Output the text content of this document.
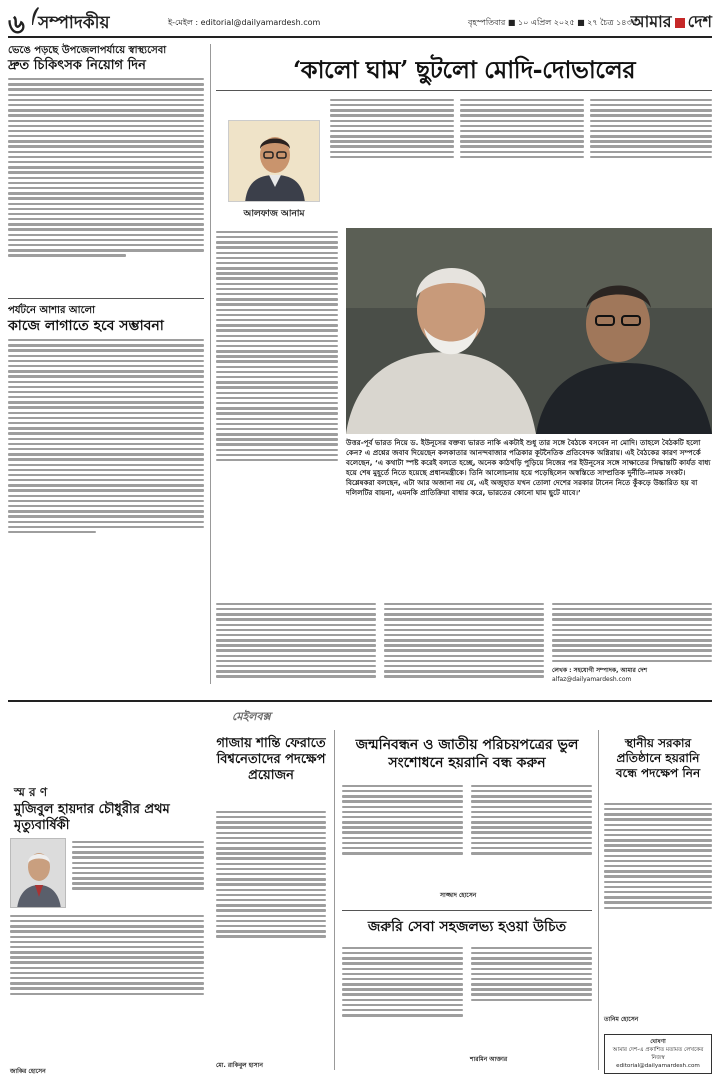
৬ সম্পাদকীয়	ই-মেইল : editorial@dailyamardesh.com	বৃহস্পতিবার ■ ১০ এপ্রিল ২০২৫ ■ ২৭ চৈত্র ১৪৩১
আমার দেশ
ভেঙে পড়ছে উপজেলাপর্যায়ে স্বাস্থ্যসেবা
দ্রুত চিকিৎসক নিয়োগ দিন
পর্যটনে আশার আলো
কাজে লাগাতে হবে সম্ভাবনা
‘কালো ঘাম’ ছুটলো মোদি-দোভালের
আলফাজ আনাম
উত্তর-পূর্ব ভারত নিয়ে ড. ইউনূসের বক্তব্য ভারত নাকি একটাই শুধু তার সঙ্গে বৈঠকে বসবেন না মোদি। তাহলে বৈঠকটি হলো কেন? এ প্রশ্নের জবাব দিয়েছেন কলকাতার আনন্দবাজার পত্রিকার কূটনৈতিক প্রতিবেদক অগ্নিরায়। এই বৈঠকের কারণ সম্পর্কে বলেছেন, ‘এ কথাটা স্পষ্ট করেই বলতে হচ্ছে, অনেক কাঠখড়ি পুড়িয়ে নিজের পর ইউনূসের সঙ্গে সাক্ষাতের সিদ্ধান্তটি কার্যত বাধ্য হয়ে শেষ মুহূর্তে নিতে হয়েছে প্রধানমন্ত্রীকে। তিনি আলোচনায় হয়ে পড়েছিলেন অস্বস্তিতে সাম্প্রতিক দুর্নীতি-নামক সংকট। বিশ্লেষকরা বলছেন, এটা আর অজানা নয় যে, এই অজুহাত যখন তোলা দেশের সরকার টানেন নিতে কুঁকড়ে উচ্চারিত হয় বা দলিলটির বায়না, এমনকি প্রাতিক্রিয়া বাধার করে, ভারতের কোনো ঘাম ছুটে যাবে।’
লেখক : সহযোগী সম্পাদক, আমার দেশ
alfaz@dailyamardesh.com
মেইলবক্স
স্ম র ণ
মুজিবুল হায়দার চৌধুরীর প্রথম মৃত্যুবার্ষিকী
জাকির হোসেন
গাজায় শান্তি ফেরাতে বিশ্বনেতাদের পদক্ষেপ প্রয়োজন
মো. রাকিবুল হাসান
জন্মনিবন্ধন ও জাতীয় পরিচয়পত্রের ভুল সংশোধনে হয়রানি বন্ধ করুন
সাজ্জাদ হোসেন
জরুরি সেবা সহজলভ্য হওয়া উচিত
শারমিন আক্তার
স্থানীয় সরকার প্রতিষ্ঠানে হয়রানি বন্ধে পদক্ষেপ নিন
তানিম হোসেন
ঘোষণা
আমার দেশ-এ প্রকাশিত মতামত লেখকের নিজস্ব
editorial@dailyamardesh.com
